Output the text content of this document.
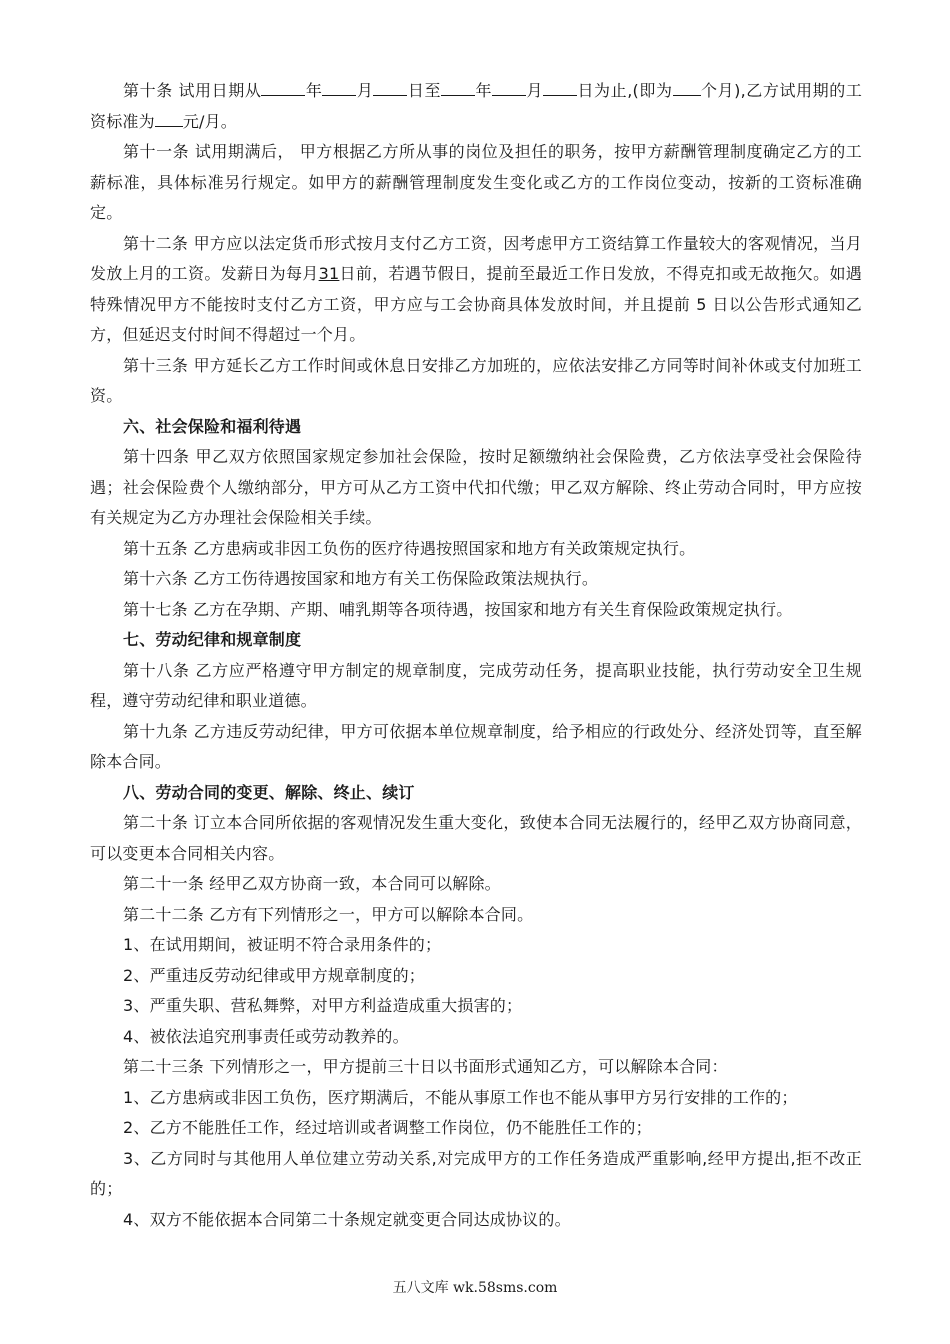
第十条 试用日期从	年 月 日至 年 月 日为止,(即为 个月),乙方试用期的工资标准为 元/月。

第十一条 试用期满后， 甲方根据乙方所从事的岗位及担任的职务，按甲方薪酬管理制度确定乙方的工薪标准，具体标准另行规定。如甲方的薪酬管理制度发生变化或乙方的工作岗位变动，按新的工资标准确定。

第十二条 甲方应以法定货币形式按月支付乙方工资，因考虑甲方工资结算工作量较大的客观情况，当月发放上月的工资。发薪日为每月31日前，若遇节假日，提前至最近工作日发放，不得克扣或无故拖欠。如遇特殊情况甲方不能按时支付乙方工资，甲方应与工会协商具体发放时间，并且提前 5 日以公告形式通知乙方，但延迟支付时间不得超过一个月。

第十三条 甲方延长乙方工作时间或休息日安排乙方加班的，应依法安排乙方同等时间补休或支付加班工资。

六、社会保险和福利待遇

第十四条 甲乙双方依照国家规定参加社会保险，按时足额缴纳社会保险费，乙方依法享受社会保险待遇；社会保险费个人缴纳部分，甲方可从乙方工资中代扣代缴；甲乙双方解除、终止劳动合同时，甲方应按有关规定为乙方办理社会保险相关手续。

第十五条 乙方患病或非因工负伤的医疗待遇按照国家和地方有关政策规定执行。

第十六条 乙方工伤待遇按国家和地方有关工伤保险政策法规执行。

第十七条 乙方在孕期、产期、哺乳期等各项待遇，按国家和地方有关生育保险政策规定执行。

七、劳动纪律和规章制度

第十八条 乙方应严格遵守甲方制定的规章制度，完成劳动任务，提高职业技能，执行劳动安全卫生规程，遵守劳动纪律和职业道德。

第十九条 乙方违反劳动纪律，甲方可依据本单位规章制度，给予相应的行政处分、经济处罚等，直至解除本合同。

八、劳动合同的变更、解除、终止、续订

第二十条 订立本合同所依据的客观情况发生重大变化，致使本合同无法履行的，经甲乙双方协商同意，可以变更本合同相关内容。

第二十一条 经甲乙双方协商一致，本合同可以解除。

第二十二条 乙方有下列情形之一，甲方可以解除本合同。

1、在试用期间，被证明不符合录用条件的；

2、严重违反劳动纪律或甲方规章制度的；

3、严重失职、营私舞弊，对甲方利益造成重大损害的；

4、被依法追究刑事责任或劳动教养的。

第二十三条 下列情形之一，甲方提前三十日以书面形式通知乙方，可以解除本合同：

1、乙方患病或非因工负伤，医疗期满后，不能从事原工作也不能从事甲方另行安排的工作的；

2、乙方不能胜任工作，经过培训或者调整工作岗位，仍不能胜任工作的；

3、乙方同时与其他用人单位建立劳动关系,对完成甲方的工作任务造成严重影响,经甲方提出,拒不改正的；

4、双方不能依据本合同第二十条规定就变更合同达成协议的。

五八文库 wk.58sms.com
